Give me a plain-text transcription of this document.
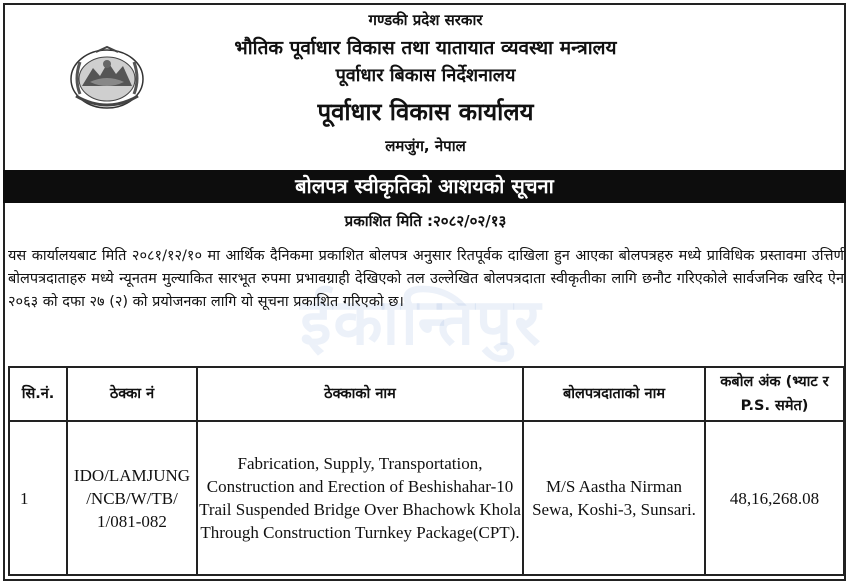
गण्डकी प्रदेश सरकार
भौतिक पूर्वाधार विकास तथा यातायात व्यवस्था मन्त्रालय
पूर्वाधार बिकास निर्देशनालय
पूर्वाधार विकास कार्यालय
लमजुंग, नेपाल
बोलपत्र स्वीकृतिको आशयको सूचना
प्रकाशित मिति :२०८२/०२/१३
ईकान्तिपुर
यस कार्यालयबाट मिति २०८१/१२/१० मा आर्थिक दैनिकमा प्रकाशित बोलपत्र अनुसार रितपूर्वक दाखिला हुन आएका बोलपत्रहरु मध्ये प्राविधिक प्रस्तावमा उत्तिर्ण बोलपत्रदाताहरु मध्ये न्यूनतम मुल्याकित सारभूत रुपमा प्रभावग्राही देखिएको तल उल्लेखित बोलपत्रदाता स्वीकृतीका लागि छनौट गरिएकोले सार्वजनिक खरिद ऐन २०६३ को दफा २७ (२) को प्रयोजनका लागि यो सूचना प्रकाशित गरिएको छ।
सि.नं.	ठेक्का नं	ठेक्काको नाम	बोलपत्रदाताको नाम	कबोल अंक (भ्याट र P.S. समेत)
1	IDO/LAMJUNG /NCB/W/TB/ 1/081-082	Fabrication, Supply, Transportation, Construction and Erection of Beshishahar-10 Trail Suspended Bridge Over Bhachowk Khola Through Construction Turnkey Package(CPT).	M/S Aastha Nirman Sewa, Koshi-3, Sunsari.	48,16,268.08
